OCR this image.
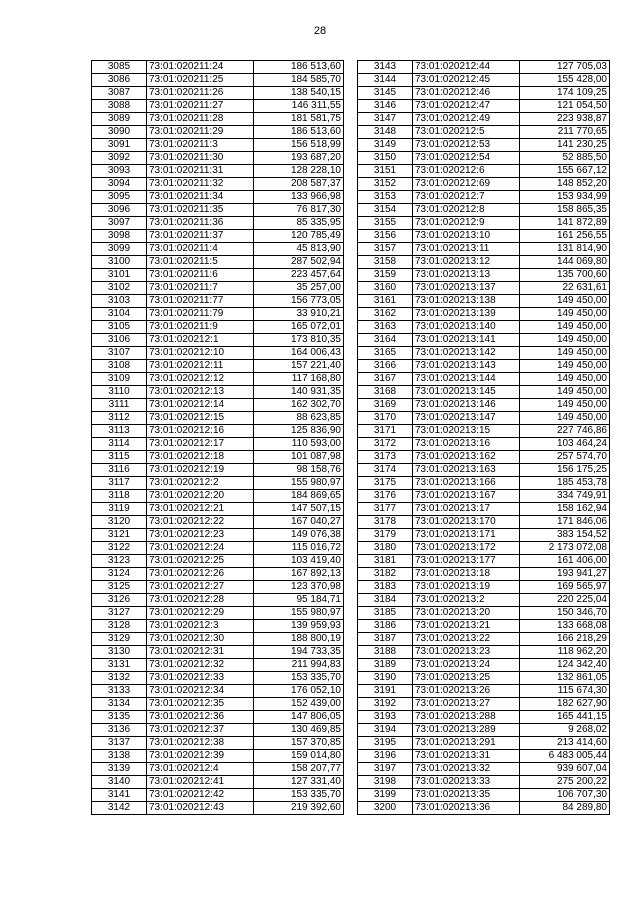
28
3085	73:01:020211:24	186 513,60
3086	73:01:020211:25	184 585,70
3087	73:01:020211:26	138 540,15
3088	73:01:020211:27	146 311,55
3089	73:01:020211:28	181 581,75
3090	73:01:020211:29	186 513,60
3091	73:01:020211:3	156 518,99
3092	73:01:020211:30	193 687,20
3093	73:01:020211:31	128 228,10
3094	73:01:020211:32	208 587,37
3095	73:01:020211:34	133 966,98
3096	73:01:020211:35	76 817,30
3097	73:01:020211:36	85 335,95
3098	73:01:020211:37	120 785,49
3099	73:01:020211:4	45 813,90
3100	73:01:020211:5	287 502,94
3101	73:01:020211:6	223 457,64
3102	73:01:020211:7	35 257,00
3103	73:01:020211:77	156 773,05
3104	73:01:020211:79	33 910,21
3105	73:01:020211:9	165 072,01
3106	73:01:020212:1	173 810,35
3107	73:01:020212:10	164 006,43
3108	73:01:020212:11	157 221,40
3109	73:01:020212:12	117 168,80
3110	73:01:020212:13	140 931,35
3111	73:01:020212:14	162 302,70
3112	73:01:020212:15	88 623,85
3113	73:01:020212:16	125 836,90
3114	73:01:020212:17	110 593,00
3115	73:01:020212:18	101 087,98
3116	73:01:020212:19	98 158,76
3117	73:01:020212:2	155 980,97
3118	73:01:020212:20	184 869,65
3119	73:01:020212:21	147 507,15
3120	73:01:020212:22	167 040,27
3121	73:01:020212:23	149 076,38
3122	73:01:020212:24	115 016,72
3123	73:01:020212:25	103 419,40
3124	73:01:020212:26	167 892,13
3125	73:01:020212:27	123 370,98
3126	73:01:020212:28	95 184,71
3127	73:01:020212:29	155 980,97
3128	73:01:020212:3	139 959,93
3129	73:01:020212:30	188 800,19
3130	73:01:020212:31	194 733,35
3131	73:01:020212:32	211 994,83
3132	73:01:020212:33	153 335,70
3133	73:01:020212:34	176 052,10
3134	73:01:020212:35	152 439,00
3135	73:01:020212:36	147 806,05
3136	73:01:020212:37	130 469,85
3137	73:01:020212:38	157 370,85
3138	73:01:020212:39	159 014,80
3139	73:01:020212:4	158 207,77
3140	73:01:020212:41	127 331,40
3141	73:01:020212:42	153 335,70
3142	73:01:020212:43	219 392,60
3143	73:01:020212:44	127 705,03
3144	73:01:020212:45	155 428,00
3145	73:01:020212:46	174 109,25
3146	73:01:020212:47	121 054,50
3147	73:01:020212:49	223 938,87
3148	73:01:020212:5	211 770,65
3149	73:01:020212:53	141 230,25
3150	73:01:020212:54	52 885,50
3151	73:01:020212:6	155 667,12
3152	73:01:020212:69	148 852,20
3153	73:01:020212:7	153 934,99
3154	73:01:020212:8	158 865,35
3155	73:01:020212:9	141 872,89
3156	73:01:020213:10	161 256,55
3157	73:01:020213:11	131 814,90
3158	73:01:020213:12	144 069,80
3159	73:01:020213:13	135 700,60
3160	73:01:020213:137	22 631,61
3161	73:01:020213:138	149 450,00
3162	73:01:020213:139	149 450,00
3163	73:01:020213:140	149 450,00
3164	73:01:020213:141	149 450,00
3165	73:01:020213:142	149 450,00
3166	73:01:020213:143	149 450,00
3167	73:01:020213:144	149 450,00
3168	73:01:020213:145	149 450,00
3169	73:01:020213:146	149 450,00
3170	73:01:020213:147	149 450,00
3171	73:01:020213:15	227 746,86
3172	73:01:020213:16	103 464,24
3173	73:01:020213:162	257 574,70
3174	73:01:020213:163	156 175,25
3175	73:01:020213:166	185 453,78
3176	73:01:020213:167	334 749,91
3177	73:01:020213:17	158 162,94
3178	73:01:020213:170	171 846,06
3179	73:01:020213:171	383 154,52
3180	73:01:020213:172	2 173 072,08
3181	73:01:020213:177	161 406,00
3182	73:01:020213:18	193 941,27
3183	73:01:020213:19	169 565,97
3184	73:01:020213:2	220 225,04
3185	73:01:020213:20	150 346,70
3186	73:01:020213:21	133 668,08
3187	73:01:020213:22	166 218,29
3188	73:01:020213:23	118 962,20
3189	73:01:020213:24	124 342,40
3190	73:01:020213:25	132 861,05
3191	73:01:020213:26	115 674,30
3192	73:01:020213:27	182 627,90
3193	73:01:020213:288	165 441,15
3194	73:01:020213:289	9 268,02
3195	73:01:020213:291	213 414,60
3196	73:01:020213:31	6 483 005,44
3197	73:01:020213:32	939 607,04
3198	73:01:020213:33	275 200,22
3199	73:01:020213:35	106 707,30
3200	73:01:020213:36	84 289,80
